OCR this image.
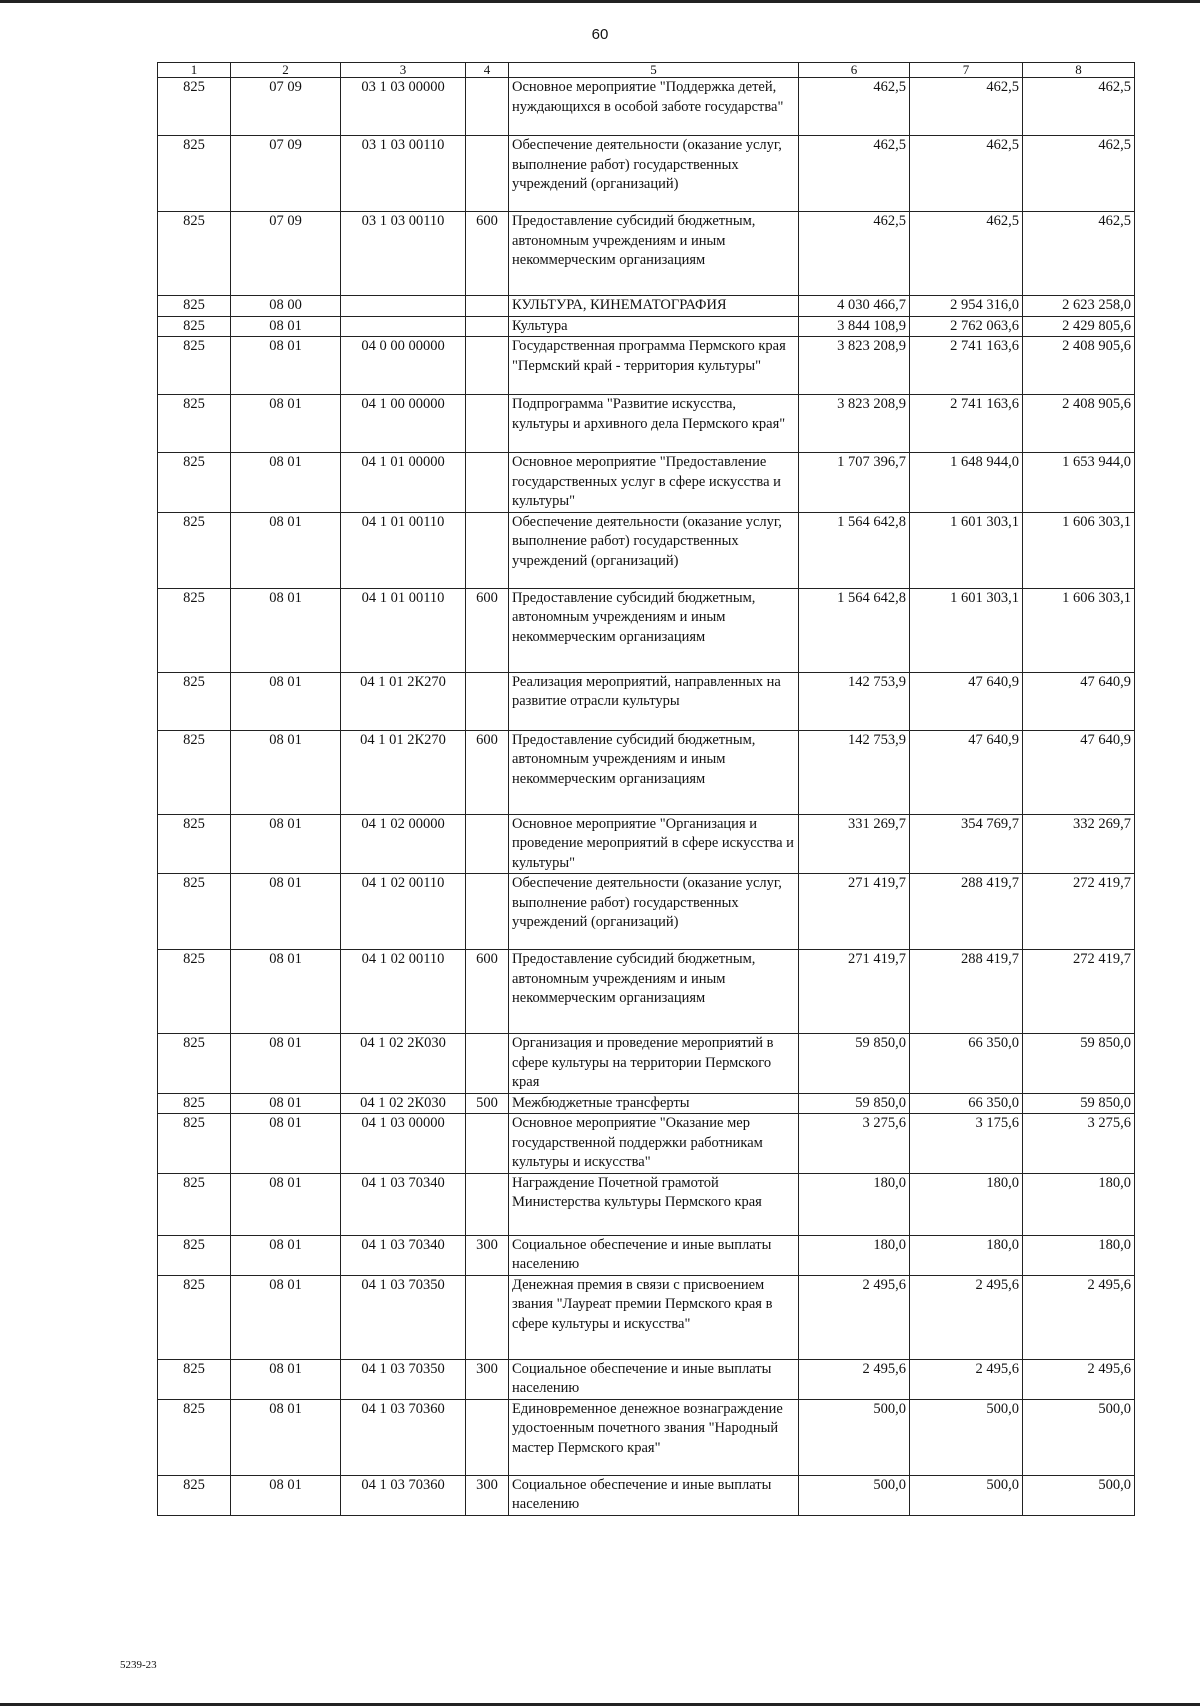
60
1	2	3	4	5	6	7	8
825	07 09	03 1 03 00000		Основное мероприятие "Поддержка детей, нуждающихся в особой заботе государства"	462,5	462,5	462,5
825	07 09	03 1 03 00110		Обеспечение деятельности (оказание услуг, выполнение работ) государственных учреждений (организаций)	462,5	462,5	462,5
825	07 09	03 1 03 00110	600	Предоставление субсидий бюджетным, автономным учреждениям и иным некоммерческим организациям	462,5	462,5	462,5
825	08 00			КУЛЬТУРА, КИНЕМАТОГРАФИЯ	4 030 466,7	2 954 316,0	2 623 258,0
825	08 01			Культура	3 844 108,9	2 762 063,6	2 429 805,6
825	08 01	04 0 00 00000		Государственная программа Пермского края "Пермский край - территория культуры"	3 823 208,9	2 741 163,6	2 408 905,6
825	08 01	04 1 00 00000		Подпрограмма "Развитие искусства, культуры и архивного дела Пермского края"	3 823 208,9	2 741 163,6	2 408 905,6
825	08 01	04 1 01 00000		Основное мероприятие "Предоставление государственных услуг в сфере искусства и культуры"	1 707 396,7	1 648 944,0	1 653 944,0
825	08 01	04 1 01 00110		Обеспечение деятельности (оказание услуг, выполнение работ) государственных учреждений (организаций)	1 564 642,8	1 601 303,1	1 606 303,1
825	08 01	04 1 01 00110	600	Предоставление субсидий бюджетным, автономным учреждениям и иным некоммерческим организациям	1 564 642,8	1 601 303,1	1 606 303,1
825	08 01	04 1 01 2К270		Реализация мероприятий, направленных на развитие отрасли культуры	142 753,9	47 640,9	47 640,9
825	08 01	04 1 01 2К270	600	Предоставление субсидий бюджетным, автономным учреждениям и иным некоммерческим организациям	142 753,9	47 640,9	47 640,9
825	08 01	04 1 02 00000		Основное мероприятие "Организация и проведение мероприятий в сфере искусства и культуры"	331 269,7	354 769,7	332 269,7
825	08 01	04 1 02 00110		Обеспечение деятельности (оказание услуг, выполнение работ) государственных учреждений (организаций)	271 419,7	288 419,7	272 419,7
825	08 01	04 1 02 00110	600	Предоставление субсидий бюджетным, автономным учреждениям и иным некоммерческим организациям	271 419,7	288 419,7	272 419,7
825	08 01	04 1 02 2К030		Организация и проведение мероприятий в сфере культуры на территории Пермского края	59 850,0	66 350,0	59 850,0
825	08 01	04 1 02 2К030	500	Межбюджетные трансферты	59 850,0	66 350,0	59 850,0
825	08 01	04 1 03 00000		Основное мероприятие "Оказание мер государственной поддержки работникам культуры и искусства"	3 275,6	3 175,6	3 275,6
825	08 01	04 1 03 70340		Награждение Почетной грамотой Министерства культуры Пермского края	180,0	180,0	180,0
825	08 01	04 1 03 70340	300	Социальное обеспечение и иные выплаты населению	180,0	180,0	180,0
825	08 01	04 1 03 70350		Денежная премия в связи с присвоением звания "Лауреат премии Пермского края в сфере культуры и искусства"	2 495,6	2 495,6	2 495,6
825	08 01	04 1 03 70350	300	Социальное обеспечение и иные выплаты населению	2 495,6	2 495,6	2 495,6
825	08 01	04 1 03 70360		Единовременное денежное вознаграждение удостоенным почетного звания "Народный мастер Пермского края"	500,0	500,0	500,0
825	08 01	04 1 03 70360	300	Социальное обеспечение и иные выплаты населению	500,0	500,0	500,0
5239-23
